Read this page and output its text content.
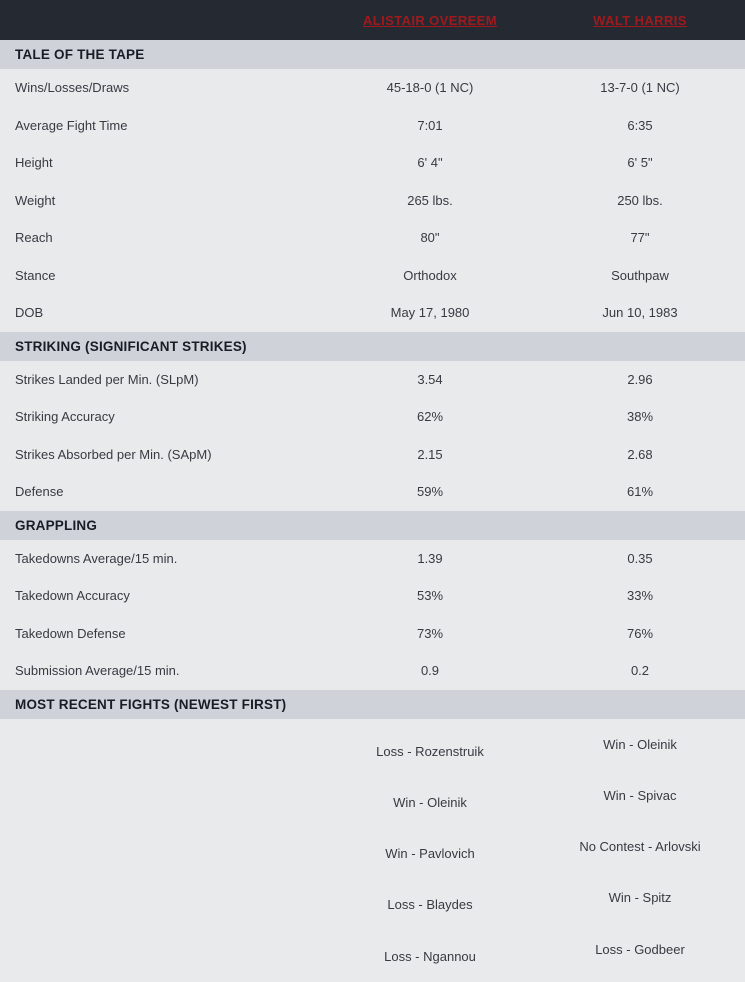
ALISTAIR OVEREEM	WALT HARRIS
TALE OF THE TAPE
Wins/Losses/Draws	45-18-0 (1 NC)	13-7-0 (1 NC)
Average Fight Time	7:01	6:35
Height	6' 4"	6' 5"
Weight	265 lbs.	250 lbs.
Reach	80"	77"
Stance	Orthodox	Southpaw
DOB	May 17, 1980	Jun 10, 1983
STRIKING (SIGNIFICANT STRIKES)
Strikes Landed per Min. (SLpM)	3.54	2.96
Striking Accuracy	62%	38%
Strikes Absorbed per Min. (SApM)	2.15	2.68
Defense	59%	61%
GRAPPLING
Takedowns Average/15 min.	1.39	0.35
Takedown Accuracy	53%	33%
Takedown Defense	73%	76%
Submission Average/15 min.	0.9	0.2
MOST RECENT FIGHTS (NEWEST FIRST)
Loss - Rozenstruik	Win - Oleinik
Win - Oleinik	Win - Spivac
Win - Pavlovich	No Contest - Arlovski
Loss - Blaydes	Win - Spitz
Loss - Ngannou	Loss - Godbeer
